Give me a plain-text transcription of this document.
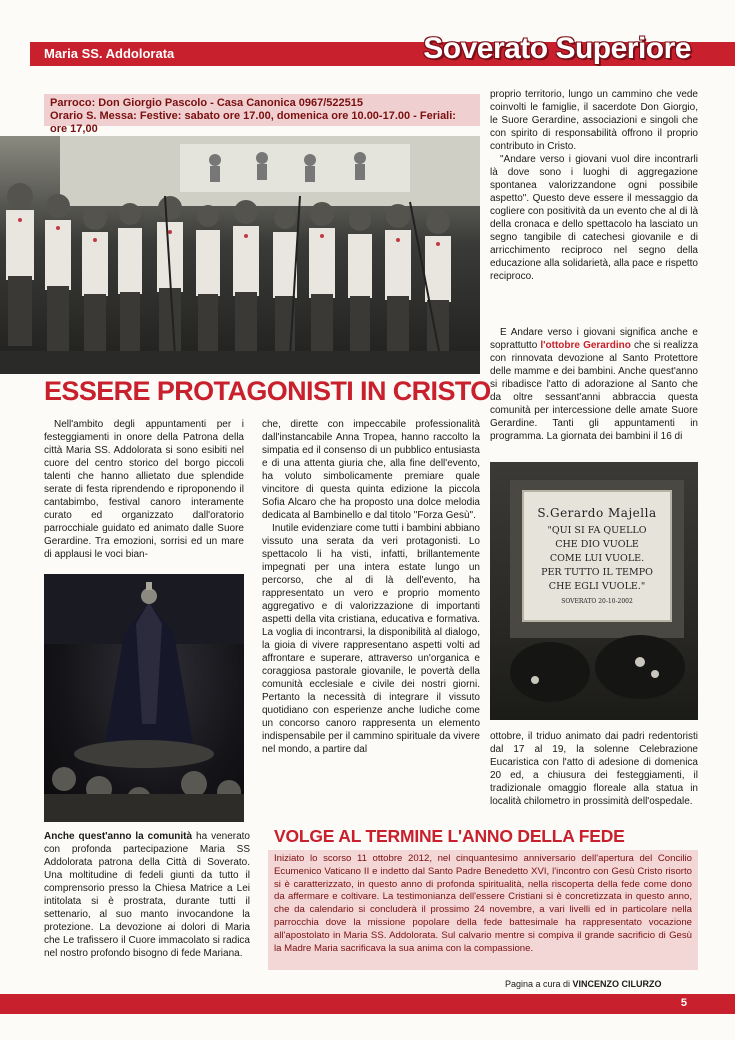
Maria SS. Addolorata	Soverato Superiore
Parroco: Don Giorgio Pascolo - Casa Canonica 0967/522515
Orario S. Messa: Festive: sabato ore 17.00, domenica ore 10.00-17.00 - Feriali: ore 17,00
ESSERE PROTAGONISTI IN CRISTO

Nell'ambito degli appuntamenti per i festeggiamenti in onore della Patrona della città Maria SS. Addolorata si sono esibiti nel cuore del centro storico del borgo piccoli talenti che hanno allietato due splendide serate di festa riprendendo e riproponendo il cantabimbo, festival canoro interamente curato ed organizzato dall'oratorio parrocchiale guidato ed animato dalle Suore Gerardine. Tra emozioni, sorrisi ed un mare di applausi le voci bian-

Anche quest'anno la comunità ha venerato con profonda partecipazione Maria SS Addolorata patrona della Città di Soverato. Una moltitudine di fedeli giunti da tutto il comprensorio presso la Chiesa Matrice a Lei intitolata si è prostrata, durante tutti il settenario, al suo manto invocandone la protezione. La devozione ai dolori di Maria che Le trafissero il Cuore immacolato si radica nel nostro profondo bisogno di fede Mariana.

che, dirette con impeccabile professionalità dall'instancabile Anna Tropea, hanno raccolto la simpatia ed il consenso di un pubblico entusiasta e di una attenta giuria che, alla fine dell'evento, ha voluto simbolicamente premiare quale vincitore di questa quinta edizione la piccola Sofia Alcaro che ha proposto una dolce melodia dedicata al Bambinello e dal titolo "Forza Gesù".

Inutile evidenziare come tutti i bambini abbiano vissuto una serata da veri protagonisti. Lo spettacolo li ha visti, infatti, brillantemente impegnati per una intera estate lungo un percorso, che al di là dell'evento, ha rappresentato un vero e proprio momento aggregativo e di valorizzazione di importanti aspetti della vita cristiana, educativa e formativa. La voglia di incontrarsi, la disponibilità al dialogo, la gioia di vivere rappresentano aspetti volti ad affrontare e superare, attraverso un'organica e coraggiosa pastorale giovanile, le povertà della comunità ecclesiale e civile dei nostri giorni. Pertanto la necessità di integrare il vissuto quotidiano con esperienze anche ludiche come un concorso canoro rappresenta un elemento indispensabile per il cammino spirituale da vivere nel mondo, a partire dal

proprio territorio, lungo un cammino che vede coinvolti le famiglie, il sacerdote Don Giorgio, le Suore Gerardine, associazioni e singoli che con spirito di responsabilità offrono il proprio contributo in Cristo.

"Andare verso i giovani vuol dire incontrarli là dove sono i luoghi di aggregazione spontanea valorizzandone ogni possibile aspetto". Questo deve essere il messaggio da cogliere con positività da un evento che al di là della cronaca e dello spettacolo ha lasciato un segno tangibile di catechesi giovanile e di arricchimento reciproco nel segno della educazione alla solidarietà, alla pace e rispetto reciproco.

E Andare verso i giovani significa anche e soprattutto l'ottobre Gerardino che si realizza con rinnovata devozione al Santo Protettore delle mamme e dei bambini. Anche quest'anno si ribadisce l'atto di adorazione al Santo che da oltre sessant'anni abbraccia questa comunità per intercessione delle amate Suore Gerardine. Tanti gli appuntamenti in programma. La giornata dei bambini il 16 di

S.Gerardo Majella
"QUI SI FA QUELLO
CHE DIO VUOLE
COME LUI VUOLE.
PER TUTTO IL TEMPO
CHE EGLI VUOLE."
SOVERATO 20-10-2002

ottobre, il triduo animato dai padri redentoristi dal 17 al 19, la solenne Celebrazione Eucaristica con l'atto di adesione di domenica 20 ed, a chiusura dei festeggiamenti, il tradizionale omaggio floreale alla statua in località chilometro in prossimità dell'ospedale.

VOLGE AL TERMINE L'ANNO DELLA FEDE
Iniziato lo scorso 11 ottobre 2012, nel cinquantesimo anniversario dell'apertura del Concilio Ecumenico Vaticano II e indetto dal Santo Padre Benedetto XVI, l'incontro con Gesù Cristo risorto si è caratterizzato, in questo anno di profonda spiritualità, nella riscoperta della fede come dono da affermare e coltivare. La testimonianza dell'essere Cristiani si è concretizzata in questo anno, che da calendario si concluderà il prossimo 24 novembre, a vari livelli ed in particolare nella parrocchia dove la missione popolare della fede battesimale ha rappresentato vocazione all'apostolato in Maria SS. Addolorata. Sul calvario mentre si compiva il grande sacrificio di Gesù la Madre Maria sacrificava la sua anima con la compassione.
Pagina a cura di VINCENZO CILURZO
5
